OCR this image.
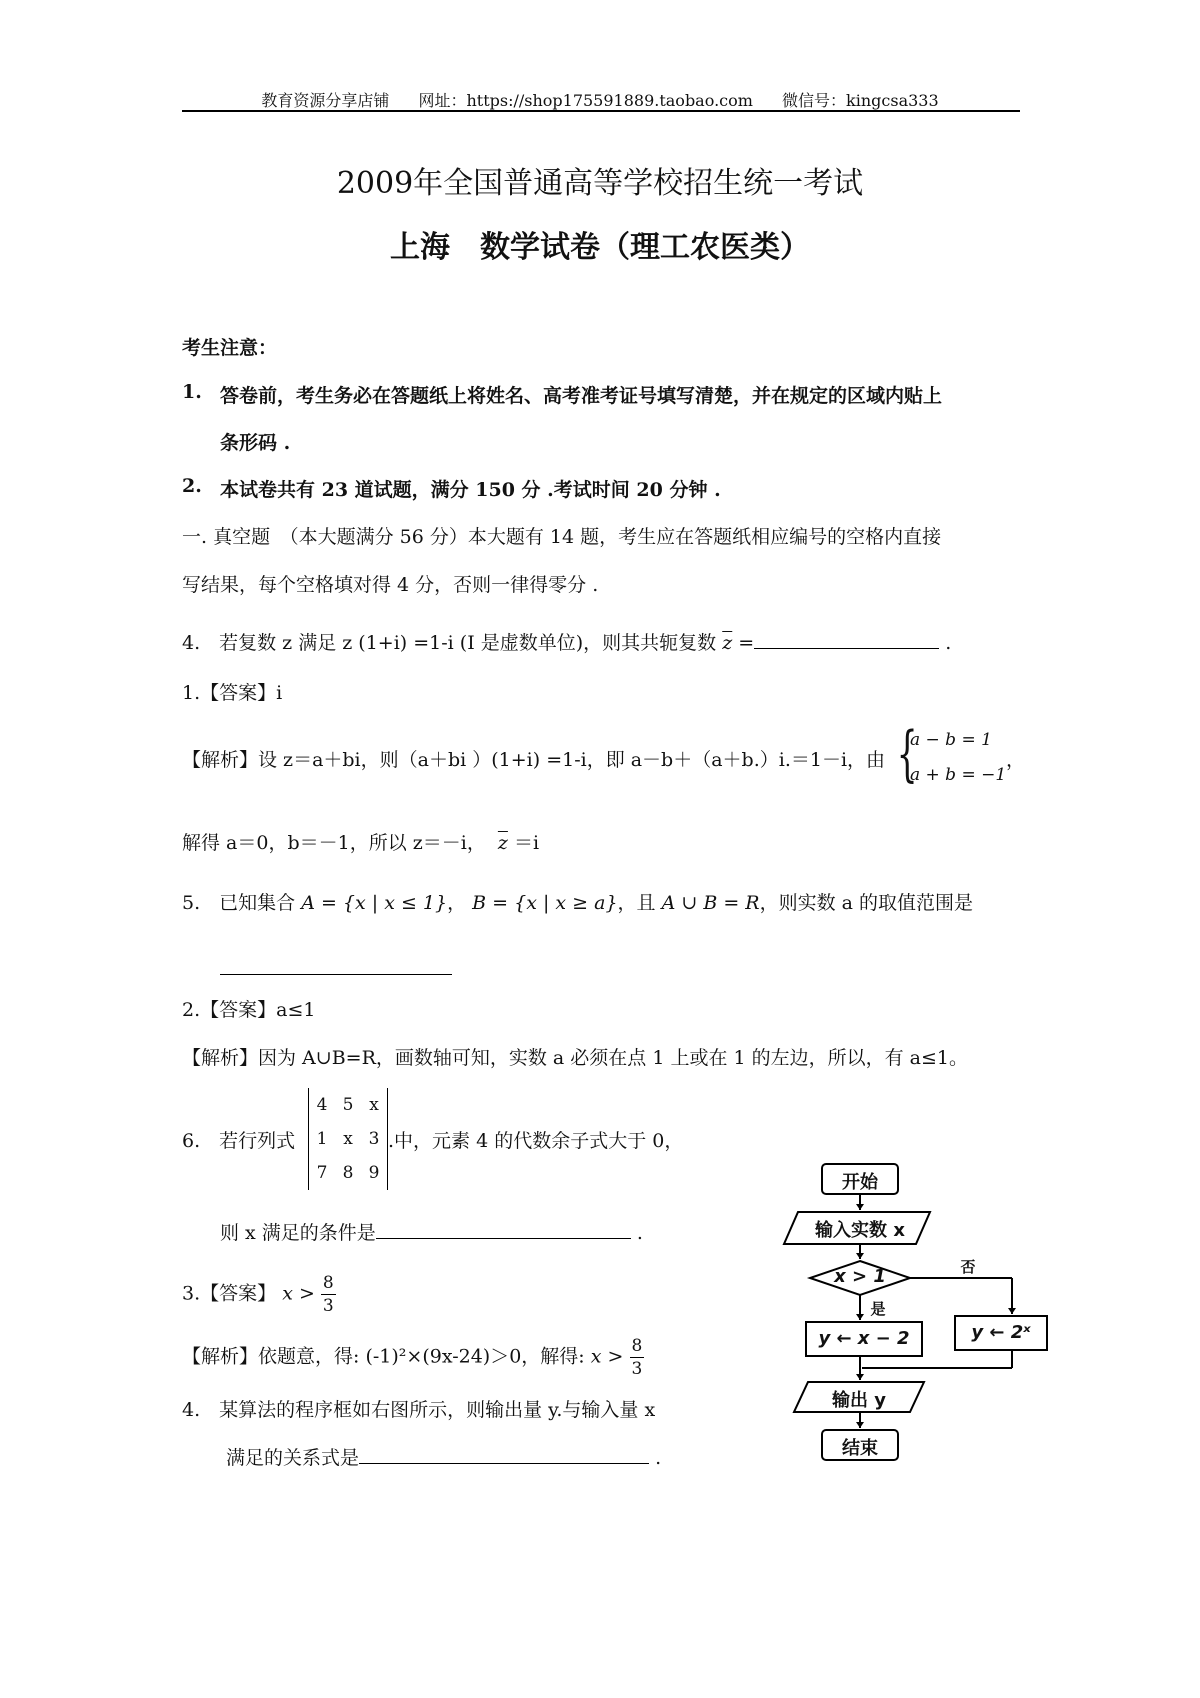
教育资源分享店铺 网址：https://shop175591889.taobao.com 微信号：kingcsa333
2009年全国普通高等学校招生统一考试
上海　数学试卷（理工农医类）
考生注意：
1. 答卷前，考生务必在答题纸上将姓名、高考准考证号填写清楚，并在规定的区域内贴上
条形码 .
2. 本试卷共有 23 道试题，满分 150 分 .考试时间 20 分钟 .
一. 真空题　（本大题满分 56 分）本大题有 14 题，考生应在答题纸相应编号的空格内直接
写结果，每个空格填对得 4 分，否则一律得零分 .
4.　若复数 z 满足 z (1+i) =1-i (I 是虚数单位)，则其共轭复数 $\overline{z}$ =	.
1.【答案】i
【解析】设 z＝a＋bi，则（a＋bi ）(1+i) =1-i，即 a－b＋（a＋b.）i.＝1－i，由 {
a − b = 1
a + b = −1
，
解得 a＝0，b＝－1，所以 z＝－i， $\overline{z} =i$
5.　已知集合 A = {x | x ≤ 1}， B = {x | x ≥ a}，且 A ∪ B = R，则实数 a 的取值范围是
2.【答案】a≤1
【解析】因为 A∪B=R，画数轴可知，实数 a 必须在点 1 上或在 1 的左边，所以，有 a≤1。
6.　若行列式
4 5 x
1 x 3
7 8 9
.中，元素 4 的代数余子式大于 0，
则 x 满足的条件是	.
3.【答案】 $x > \frac{8}{3}$
【解析】依题意，得: (-1)²×(9x-24)＞0，解得: $x > \frac{8}{3}$
4.　某算法的程序框如右图所示，则输出量 y.与输入量 x
满足的关系式是	.
开始
输入实数 x
x > 1
是
否
y ← x − 2	y ← 2ˣ
输出 y
结束
